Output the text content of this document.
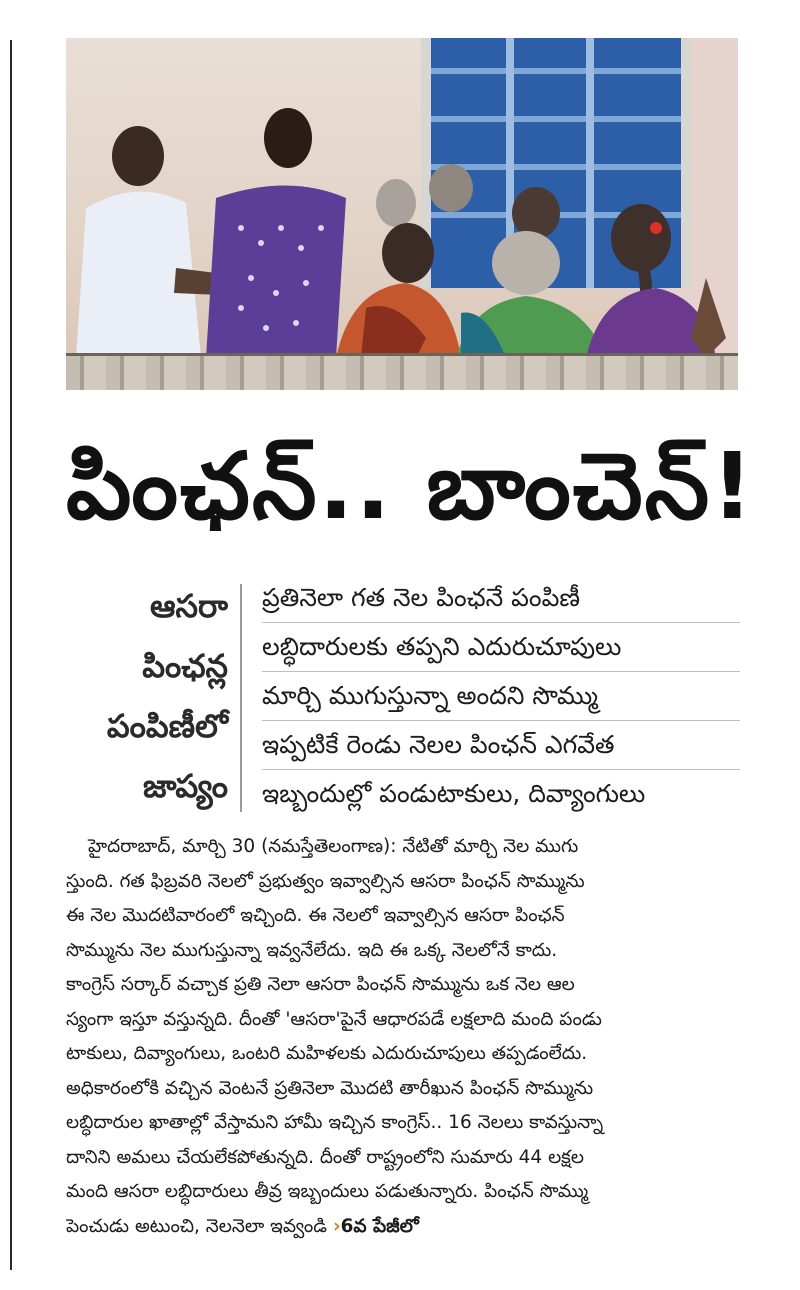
పింఛన్.. బాంచెన్!
ఆసరా
పింఛన్ల
పంపిణీలో
జాప్యం
ప్రతినెలా గత నెల పింఛనే పంపిణీ
లబ్ధిదారులకు తప్పని ఎదురుచూపులు
మార్చి ముగుస్తున్నా అందని సొమ్ము
ఇప్పటికే రెండు నెలల పింఛన్ ఎగవేత
ఇబ్బందుల్లో పండుటాకులు, దివ్యాంగులు
హైదరాబాద్, మార్చి 30 (నమస్తేతెలంగాణ): నేటితో మార్చి నెల ముగు
స్తుంది. గత ఫిబ్రవరి నెలలో ప్రభుత్వం ఇవ్వాల్సిన ఆసరా పింఛన్ సొమ్మును
ఈ నెల మొదటివారంలో ఇచ్చింది. ఈ నెలలో ఇవ్వాల్సిన ఆసరా పింఛన్
సొమ్మును నెల ముగుస్తున్నా ఇవ్వనేలేదు. ఇది ఈ ఒక్క నెలలోనే కాదు.
కాంగ్రెస్ సర్కార్ వచ్చాక ప్రతి నెలా ఆసరా పింఛన్ సొమ్మును ఒక నెల ఆల
స్యంగా ఇస్తూ వస్తున్నది. దీంతో 'ఆసరా'పైనే ఆధారపడే లక్షలాది మంది పండు
టాకులు, దివ్యాంగులు, ఒంటరి మహిళలకు ఎదురుచూపులు తప్పడంలేదు.
అధికారంలోకి వచ్చిన వెంటనే ప్రతినెలా మొదటి తారీఖున పింఛన్ సొమ్మును
లబ్ధిదారుల ఖాతాల్లో వేస్తామని హామీ ఇచ్చిన కాంగ్రెస్.. 16 నెలలు కావస్తున్నా
దానిని అమలు చేయలేకపోతున్నది. దీంతో రాష్ట్రంలోని సుమారు 44 లక్షల
మంది ఆసరా లబ్ధిదారులు తీవ్ర ఇబ్బందులు పడుతున్నారు. పింఛన్ సొమ్ము
పెంచుడు అటుంచి, నెలనెలా ఇవ్వండి ›6వ పేజీలో
